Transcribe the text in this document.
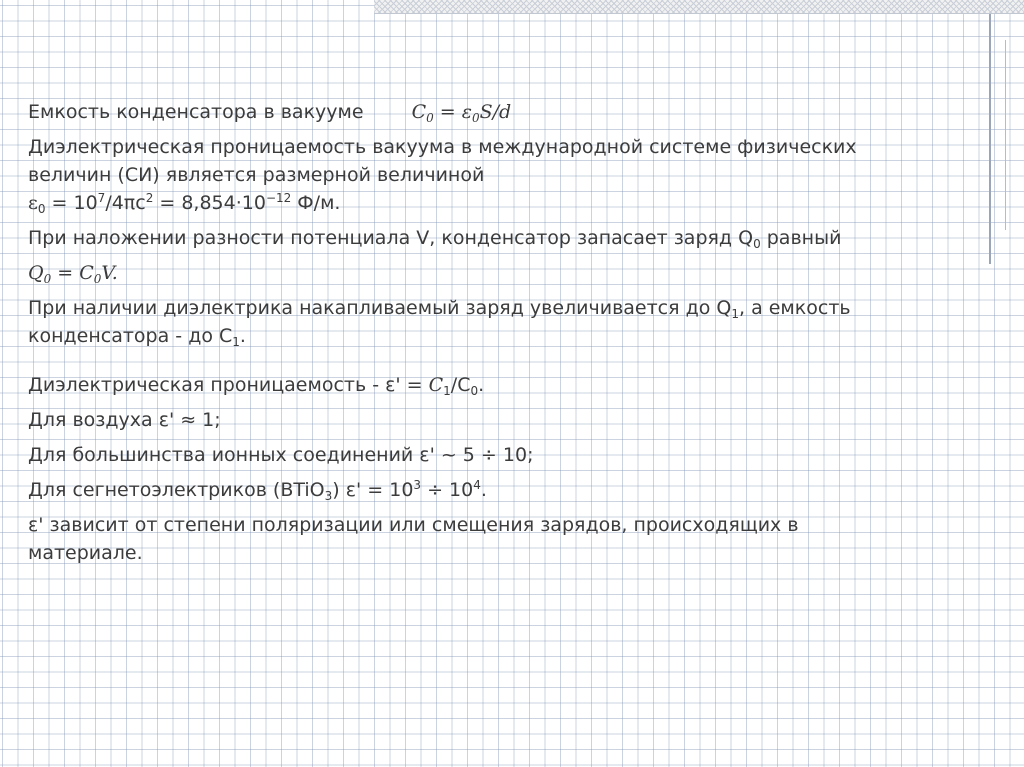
Емкость конденсатора в вакууме	$C_0 = \varepsilon_0S/d$

Диэлектрическая проницаемость вакуума в международной системе физических
величин (СИ) является размерной величиной

$\varepsilon_0 = 10^7/4\pi c^2 = 8,854\cdot 10^{-12}$ Ф/м.

При наложении разности потенциала V, конденсатор запасает заряд $Q_0$ равный

$Q_0 = C_0V$.

При наличии диэлектрика накапливаемый заряд увеличивается до $Q_1$, а емкость
конденсатора - до $C_1$.

Диэлектрическая проницаемость - $\varepsilon' = C_1/C_0$.

Для воздуха ε' ≈ 1;

Для большинства ионных соединений ε' ~ 5 ÷ 10;

Для сегнетоэлектриков (BTiO$_3$) $\varepsilon' = 10^3 \div 10^4$.

ε' зависит от степени поляризации или смещения зарядов, происходящих в
материале.
